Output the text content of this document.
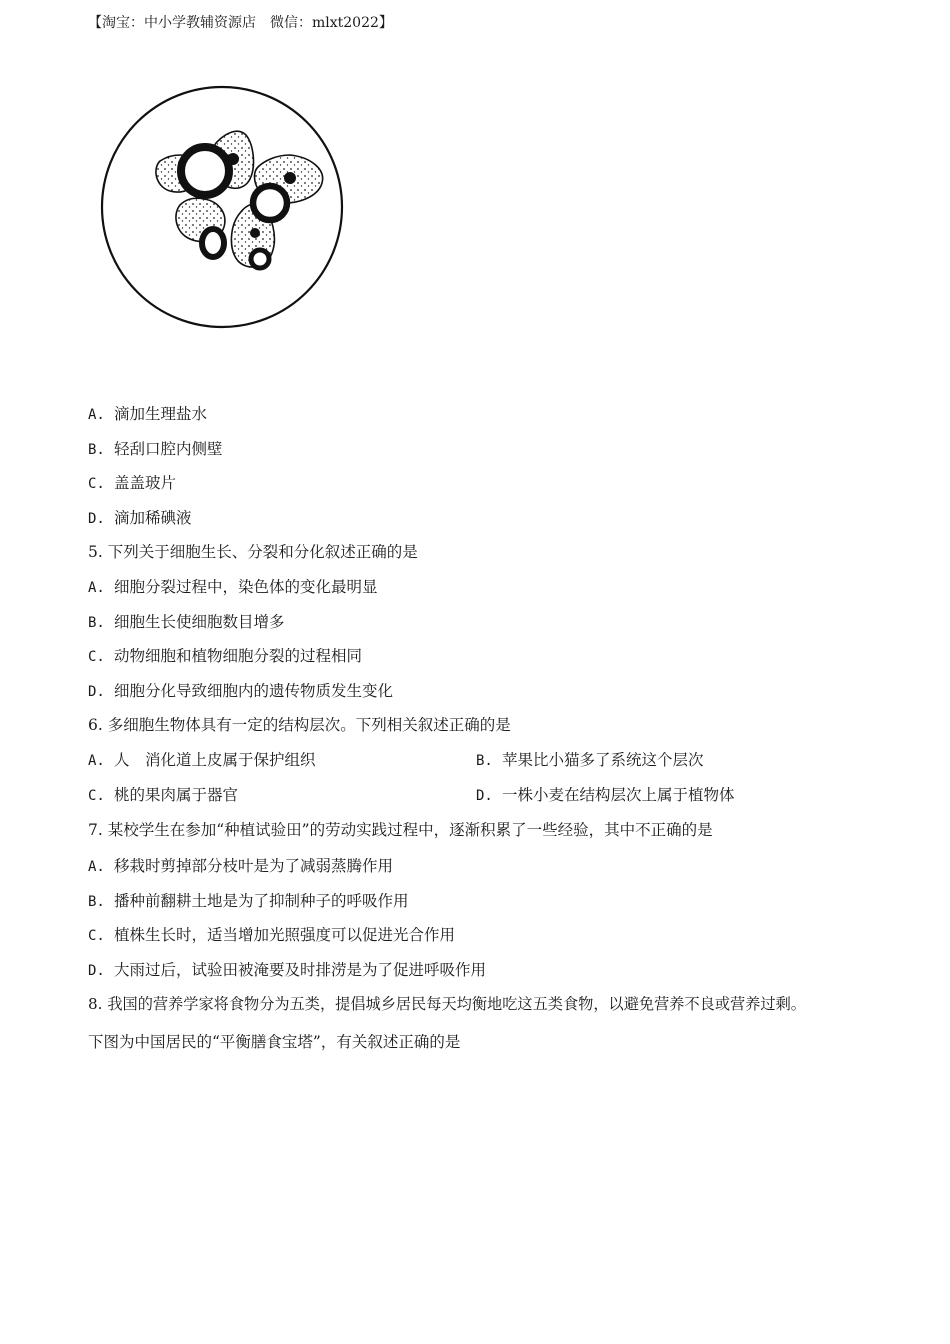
【淘宝：中小学教辅资源店　微信：mlxt2022】
A. 滴加生理盐水
B. 轻刮口腔内侧壁
C. 盖盖玻片
D. 滴加稀碘液
5. 下列关于细胞生长、分裂和分化叙述正确的是
A. 细胞分裂过程中，染色体的变化最明显
B. 细胞生长使细胞数目增多
C. 动物细胞和植物细胞分裂的过程相同
D. 细胞分化导致细胞内的遗传物质发生变化
6. 多细胞生物体具有一定的结构层次。下列相关叙述正确的是
A. 人　消化道上皮属于保护组织	B. 苹果比小猫多了系统这个层次
C. 桃的果肉属于器官	D. 一株小麦在结构层次上属于植物体
7. 某校学生在参加“种植试验田”的劳动实践过程中，逐渐积累了一些经验，其中不正确的是
A. 移栽时剪掉部分枝叶是为了减弱蒸腾作用
B. 播种前翻耕土地是为了抑制种子的呼吸作用
C. 植株生长时，适当增加光照强度可以促进光合作用
D. 大雨过后，试验田被淹要及时排涝是为了促进呼吸作用
8. 我国的营养学家将食物分为五类，提倡城乡居民每天均衡地吃这五类食物，以避免营养不良或营养过剩。
下图为中国居民的“平衡膳食宝塔”，有关叙述正确的是
